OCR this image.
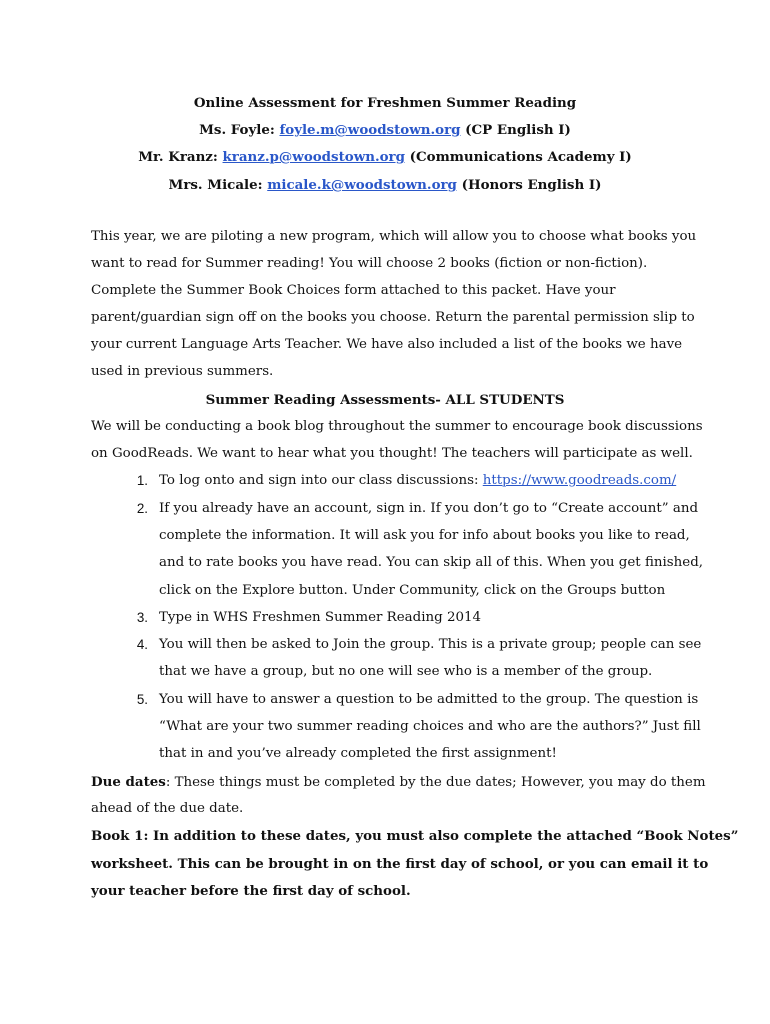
Online Assessment for Freshmen Summer Reading
Ms. Foyle: foyle.m@woodstown.org (CP English I)
Mr. Kranz: kranz.p@woodstown.org (Communications Academy I)
Mrs. Micale: micale.k@woodstown.org (Honors English I)
This year, we are piloting a new program, which will allow you to choose what books you
want to read for Summer reading! You will choose 2 books (fiction or non-fiction).
Complete the Summer Book Choices form attached to this packet. Have your
parent/guardian sign off on the books you choose. Return the parental permission slip to
your current Language Arts Teacher. We have also included a list of the books we have
used in previous summers.
Summer Reading Assessments- ALL STUDENTS
We will be conducting a book blog throughout the summer to encourage book discussions
on GoodReads. We want to hear what you thought! The teachers will participate as well.
1. To log onto and sign into our class discussions: https://www.goodreads.com/
2. If you already have an account, sign in. If you don’t go to “Create account” and
complete the information. It will ask you for info about books you like to read,
and to rate books you have read. You can skip all of this. When you get finished,
click on the Explore button. Under Community, click on the Groups button
3. Type in WHS Freshmen Summer Reading 2014
4. You will then be asked to Join the group. This is a private group; people can see
that we have a group, but no one will see who is a member of the group.
5. You will have to answer a question to be admitted to the group. The question is
“What are your two summer reading choices and who are the authors?” Just fill
that in and you’ve already completed the first assignment!
Due dates: These things must be completed by the due dates; However, you may do them
ahead of the due date.
Book 1: In addition to these dates, you must also complete the attached “Book Notes”
worksheet. This can be brought in on the first day of school, or you can email it to
your teacher before the first day of school.
